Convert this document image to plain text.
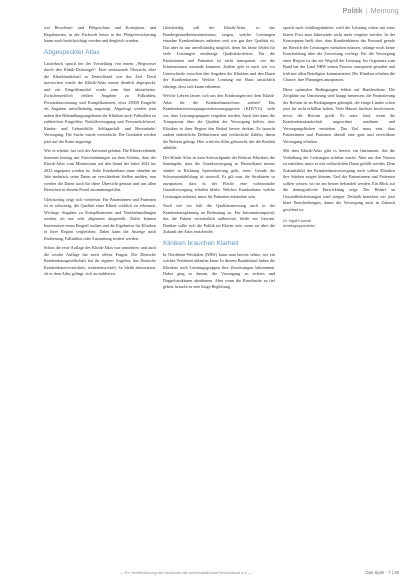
Politik | Meinung

wie Bewohner- und Pflegeschutz und Korruption, und Regulatorien, in der Fachwelt heute in der Pflegeversicherung kaum noch berücksichtigt werden und dergleich wurden.

Abgespeckter Atlas

Lauterbach sprach bei der Vorstellung von einem „Wegweiser durch den Klinik-Dschungel“. Eine umfassende Übersicht über die Kliniklandschaft in Deutschland war das Ziel. Doch inzwischen wurde der Klinik-Atlas erneut deutlich abgespeckt, und ein Eingriffsmodul wurde zum Juni überarbeitet. Zwischenzeitlich fehlten Angaben zu Fallzahlen, Personalausstattung und Komplikationen, etwa 25000 Eingriffe als Angaben unvollständig angezeigt. Abgefragt werden jetzt neben den Behandlungsangeboten der Kliniken auch Fallzahlen zu zahlreichen Eingriffen, Notfallversorgung und Personalschlüssel, Kinder- und Geburtshilfe, Schlaganfall- und Herzinfarkt-Versorgung. Die Suche wurde vereinfacht. Die Geodaten werden jetzt auf der Karte angezeigt.

Wie es scheint, hat sich der Aufwand gelohnt: Die Klinikverbände kommen bislang mit Einschränkungen zu dem Schluss, dass der Klinik-Atlas vom Ministerium auf den Stand der Jahre 2022 bis 2023 angepasst worden ist. Jedes Krankenhaus muss ohnehin im Jahr mehrfach seine Daten an verschiedene Stellen melden, nun werden die Daten auch für diese Übersicht genutzt und aus allen Bereichen in diesem Portal zusammengeführt.

Gleichzeitig zeigt sich weiterhin: Für Patientinnen und Patienten ist es schwierig, die Qualität einer Klinik wirklich zu erkennen. Wichtige Angaben zu Komplikationen und Nachbehandlungen werden oft nur sehr allgemein dargestellt. Dafür können Interessierte einen Eingriff suchen und die Ergebnisse für Kliniken in ihrer Region vergleichen. Dabei kann die Anzeige nach Entfernung, Fallzahlen oder Ausstattung sortiert werden.

Schon die erste Auflage des Klinik-Atlas war umstritten, und auch die zweite Auflage hat noch offene Fragen. Die Deutsche Krankenhausgesellschaft hat ihr eigenes Angebot, das Deutsche Krankenhausverzeichnis, weiterentwickelt. So bleibt abzuwarten, ob es dem Atlas gelingt, sich zu etablieren.

Gleichzeitig soll der Klinik-Atlas, so das Bundesgesundheitsministerium, zeigen, welche Leistungen einzelne Krankenhäuser anbieten und wie gut ihre Qualität ist. Das aber ist nur unvollständig möglich, denn bis heute fehlen für viele Leistungen eindeutige Qualitätskriterien. Für die Patientinnen und Patienten ist nicht transparent, wie die Informationen zustande kommen. Zudem gibt es nach wie vor Unterschiede zwischen den Angaben der Kliniken und den Daten der Krankenkassen. Welche Leistung ein Haus tatsächlich erbringt, lässt sich kaum erkennen.

Welche Lehren lassen sich aus den Erfahrungen mit dem Klinik-Atlas für die Krankenhausreform ziehen? Das Krankenhausversorgungsverbesserungsgesetz (KHVVG) sieht vor, dass Leistungsgruppen vergeben werden. Auch hier kann die Transparenz über die Qualität der Versorgung helfen, dass Kliniken in ihrer Region den Bedarf besser decken. Es braucht zudem einheitliche Definitionen und verlässliche Zahlen, damit die Reform gelingt. Hier wird ein Atlas gebraucht, der die Realität abbildet.

Der Klinik-Atlas ist kein Schwachpunkt der Reform. Kliniken, die bemängeln, dass die Grundversorgung in Deutschland immer stärker in Richtung Spezialisierung geht, irren: Gerade die Schwerpunktbildung ist sinnvoll. Es gilt nun, die Strukturen so anzupassen, dass in der Fläche eine wohnortnahe Grundversorgung erhalten bleibt. Welches Krankenhaus welche Leistungen anbietet, muss für Patienten erkennbar sein.

Nach wie vor hält die Qualitätsmessung auch in der Krankenhausplanung an Bedeutung zu. Ein Informationsportal, das die Fakten verständlich aufbereitet, bleibt ein Gewinn. Darüber sollte sich die Politik im Klaren sein, wenn sie über die Zukunft des Atlas entscheidet.

Kliniken brauchen Klarheit

In Nordrhein-Westfalen (NRW) kann man bereits sehen, wie ein solches Verfahren ablaufen kann. In diesem Bundesland haben die Kliniken nach Leistungsgruppen ihre Zuweisungen bekommen. Dabei ging es darum, die Versorgung zu sichern und Doppelstrukturen abzubauen. Aber wenn die Einschnitte zu tief gehen, braucht es eine kluge Begleitung.

sprach nach wohlbegründeter, wird die Leistung schon mit einer klaren Frist zum Jahresende nicht mehr vergütet werden. In der Konsequenz heißt dies, dass Krankenhäuser das Personal gerade im Bereich der Leistungen vorhalten müssen, solange noch keine Entscheidung über die Zuweisung vorliegt. Für die Versorgung einer Region ist das ein Wegfall der Leistung. Im Gegensatz zum Bund hat das Land NRW seinen Prozess transparent gestaltet und früh mit allen Beteiligten kommuniziert. Die Kliniken erhalten die Chance, ihre Planungen anzupassen.

Diese optimalen Bedingungen fehlen auf Bundesebene. Die Zeitpläne zur Umsetzung sind knapp bemessen, die Finanzierung der Reform ist an Bedingungen geknüpft, die einige Länder schon jetzt für nicht erfüllbar halten. Viele Häuser fürchten Insolvenzen, bevor die Reform greift. Es wäre fatal, wenn die Krankenhauslandschaft ungeordnet ausdünnt und Versorgungslücken entstehen. Das Ziel muss sein, dass Patientinnen und Patienten überall eine gute und erreichbare Versorgung erhalten.

Mit dem Klinik-Atlas gibt es bereits ein Instrument, das die Vorhaltung der Leistungen sichtbar macht. Aber um den Nutzen zu entfalten, muss es mit verlässlichen Daten gefüllt werden. Dem Zukunftsbild der Krankenhausversorgung nach sollten Kliniken ihre Stärken zeigen können. Und die Patientinnen und Patienten sollten wissen, wo sie am besten behandelt werden. Ein Blick auf die demografische Entwicklung zeigt: Der Bedarf an Gesundheitsleistungen wird steigen. Deshalb brauchen wir jetzt klare Entscheidungen, damit die Versorgung auch in Zukunft gesichert ist.

Dr. Ingolf Kunerth
Arbeitsgruppenleiter
— Ein Veröffentlichung des Verbandes der Universitätsklinika Deutschlands e.V. —	Das Spiel · 7 | 25
